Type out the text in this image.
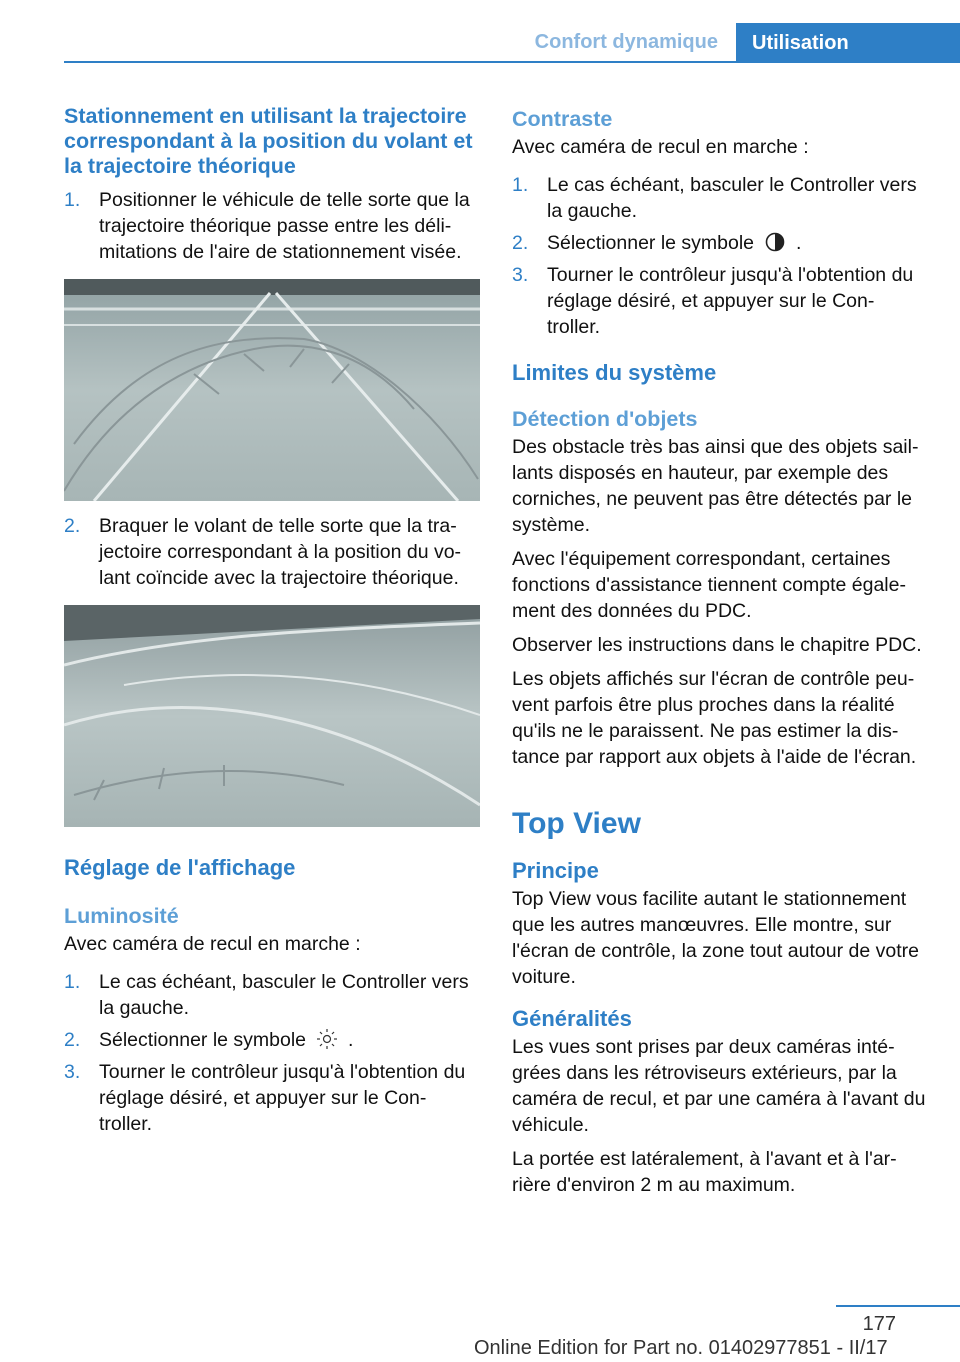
Confort dynamique	Utilisation
Stationnement en utilisant la trajectoire correspondant à la position du volant et la trajectoire théorique
1. Positionner le véhicule de telle sorte que la trajectoire théorique passe entre les déli- mitations de l'aire de stationnement visée.
2. Braquer le volant de telle sorte que la tra- jectoire correspondant à la position du vo- lant coïncide avec la trajectoire théorique.
Réglage de l'affichage
Luminosité

Avec caméra de recul en marche :

1. Le cas échéant, basculer le Controller vers la gauche.
2. Sélectionner le symbole .
3. Tourner le contrôleur jusqu'à l'obtention du réglage désiré, et appuyer sur le Con- troller.
Contraste

Avec caméra de recul en marche :

1. Le cas échéant, basculer le Controller vers la gauche.
2. Sélectionner le symbole .
3. Tourner le contrôleur jusqu'à l'obtention du réglage désiré, et appuyer sur le Con- troller.
Limites du système
Détection d'objets

Des obstacle très bas ainsi que des objets sail- lants disposés en hauteur, par exemple des corniches, ne peuvent pas être détectés par le système.

Avec l'équipement correspondant, certaines fonctions d'assistance tiennent compte égale- ment des données du PDC.

Observer les instructions dans le chapitre PDC.

Les objets affichés sur l'écran de contrôle peu- vent parfois être plus proches dans la réalité qu'ils ne le paraissent. Ne pas estimer la dis- tance par rapport aux objets à l'aide de l'écran.

Top View
Principe

Top View vous facilite autant le stationnement que les autres manœuvres. Elle montre, sur l'écran de contrôle, la zone tout autour de votre voiture.

Généralités

Les vues sont prises par deux caméras inté- grées dans les rétroviseurs extérieurs, par la caméra de recul, et par une caméra à l'avant du véhicule.

La portée est latéralement, à l'avant et à l'ar- rière d'environ 2 m au maximum.

177
Online Edition for Part no. 01402977851 - II/17
